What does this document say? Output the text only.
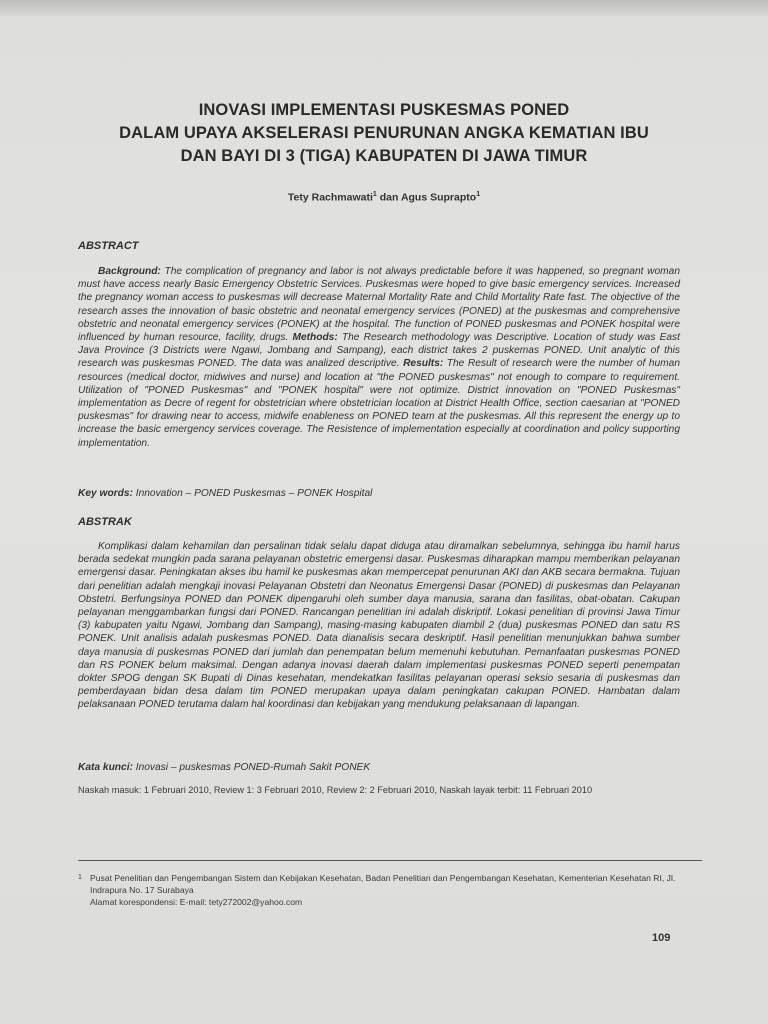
INOVASI IMPLEMENTASI PUSKESMAS PONED
DALAM UPAYA AKSELERASI PENURUNAN ANGKA KEMATIAN IBU
DAN BAYI DI 3 (TIGA) KABUPATEN DI JAWA TIMUR
Tety Rachmawati$^1$ dan Agus Suprapto$^1$
ABSTRACT
Background: The complication of pregnancy and labor is not always predictable before it was happened, so pregnant woman must have access nearly Basic Emergency Obstetric Services. Puskesmas were hoped to give basic emergency services. Increased the pregnancy woman access to puskesmas will decrease Maternal Mortality Rate and Child Mortality Rate fast. The objective of the research asses the innovation of basic obstetric and neonatal emergency services (PONED) at the puskesmas and comprehensive obstetric and neonatal emergency services (PONEK) at the hospital. The function of PONED puskesmas and PONEK hospital were influenced by human resource, facility, drugs. Methods: The Research methodology was Descriptive. Location of study was East Java Province (3 Districts were Ngawi, Jombang and Sampang), each district takes 2 puskemas PONED. Unit analytic of this research was puskesmas PONED. The data was analized descriptive. Results: The Result of research were the number of human resources (medical doctor, midwives and nurse) and location at "the PONED puskesmas" not enough to compare to requirement. Utilization of "PONED Puskesmas" and "PONEK hospital" were not optimize. District innovation on "PONED Puskesmas" implementation as Decre of regent for obstetrician where obstetrician location at District Health Office, section caesarian at "PONED puskesmas" for drawing near to access, midwife enableness on PONED team at the puskesmas. All this represent the energy up to increase the basic emergency services coverage. The Resistence of implementation especially at coordination and policy supporting implementation.
Key words: Innovation – PONED Puskesmas – PONEK Hospital
ABSTRAK
Komplikasi dalam kehamilan dan persalinan tidak selalu dapat diduga atau diramalkan sebelumnya, sehingga ibu hamil harus berada sedekat mungkin pada sarana pelayanan obstetric emergensi dasar. Puskesmas diharapkan mampu memberikan pelayanan emergensi dasar. Peningkatan akses ibu hamil ke puskesmas akan mempercepat penurunan AKI dan AKB secara bermakna. Tujuan dari penelitian adalah mengkaji inovasi Pelayanan Obstetri dan Neonatus Emergensi Dasar (PONED) di puskesmas dan Pelayanan Obstetri. Berfungsinya PONED dan PONEK dipengaruhi oleh sumber daya manusia, sarana dan fasilitas, obat-obatan. Cakupan pelayanan menggambarkan fungsi dari PONED. Rancangan penelitian ini adalah diskriptif. Lokasi penelitian di provinsi Jawa Timur (3) kabupaten yaitu Ngawi, Jombang dan Sampang), masing-masing kabupaten diambil 2 (dua) puskesmas PONED dan satu RS PONEK. Unit analisis adalah puskesmas PONED. Data dianalisis secara deskriptif. Hasil penelitian menunjukkan bahwa sumber daya manusia di puskesmas PONED dari jumlah dan penempatan belum memenuhi kebutuhan. Pemanfaatan puskesmas PONED dan RS PONEK belum maksimal. Dengan adanya inovasi daerah dalam implementasi puskesmas PONED seperti penempatan dokter SPOG dengan SK Bupati di Dinas kesehatan, mendekatkan fasilitas pelayanan operasi seksio sesaria di puskesmas dan pemberdayaan bidan desa dalam tim PONED merupakan upaya dalam peningkatan cakupan PONED. Hambatan dalam pelaksanaan PONED terutama dalam hal koordinasi dan kebijakan yang mendukung pelaksanaan di lapangan.
Kata kunci: Inovasi – puskesmas PONED-Rumah Sakit PONEK
Naskah masuk: 1 Februari 2010, Review 1: 3 Februari 2010, Review 2: 2 Februari 2010, Naskah layak terbit: 11 Februari 2010
1 Pusat Penelitian dan Pengembangan Sistem dan Kebijakan Kesehatan, Badan Penelitian dan Pengembangan Kesehatan, Kementerian Kesehatan RI, Jl. Indrapura No. 17 Surabaya
Alamat korespondensi: E-mail: tety272002@yahoo.com
109
